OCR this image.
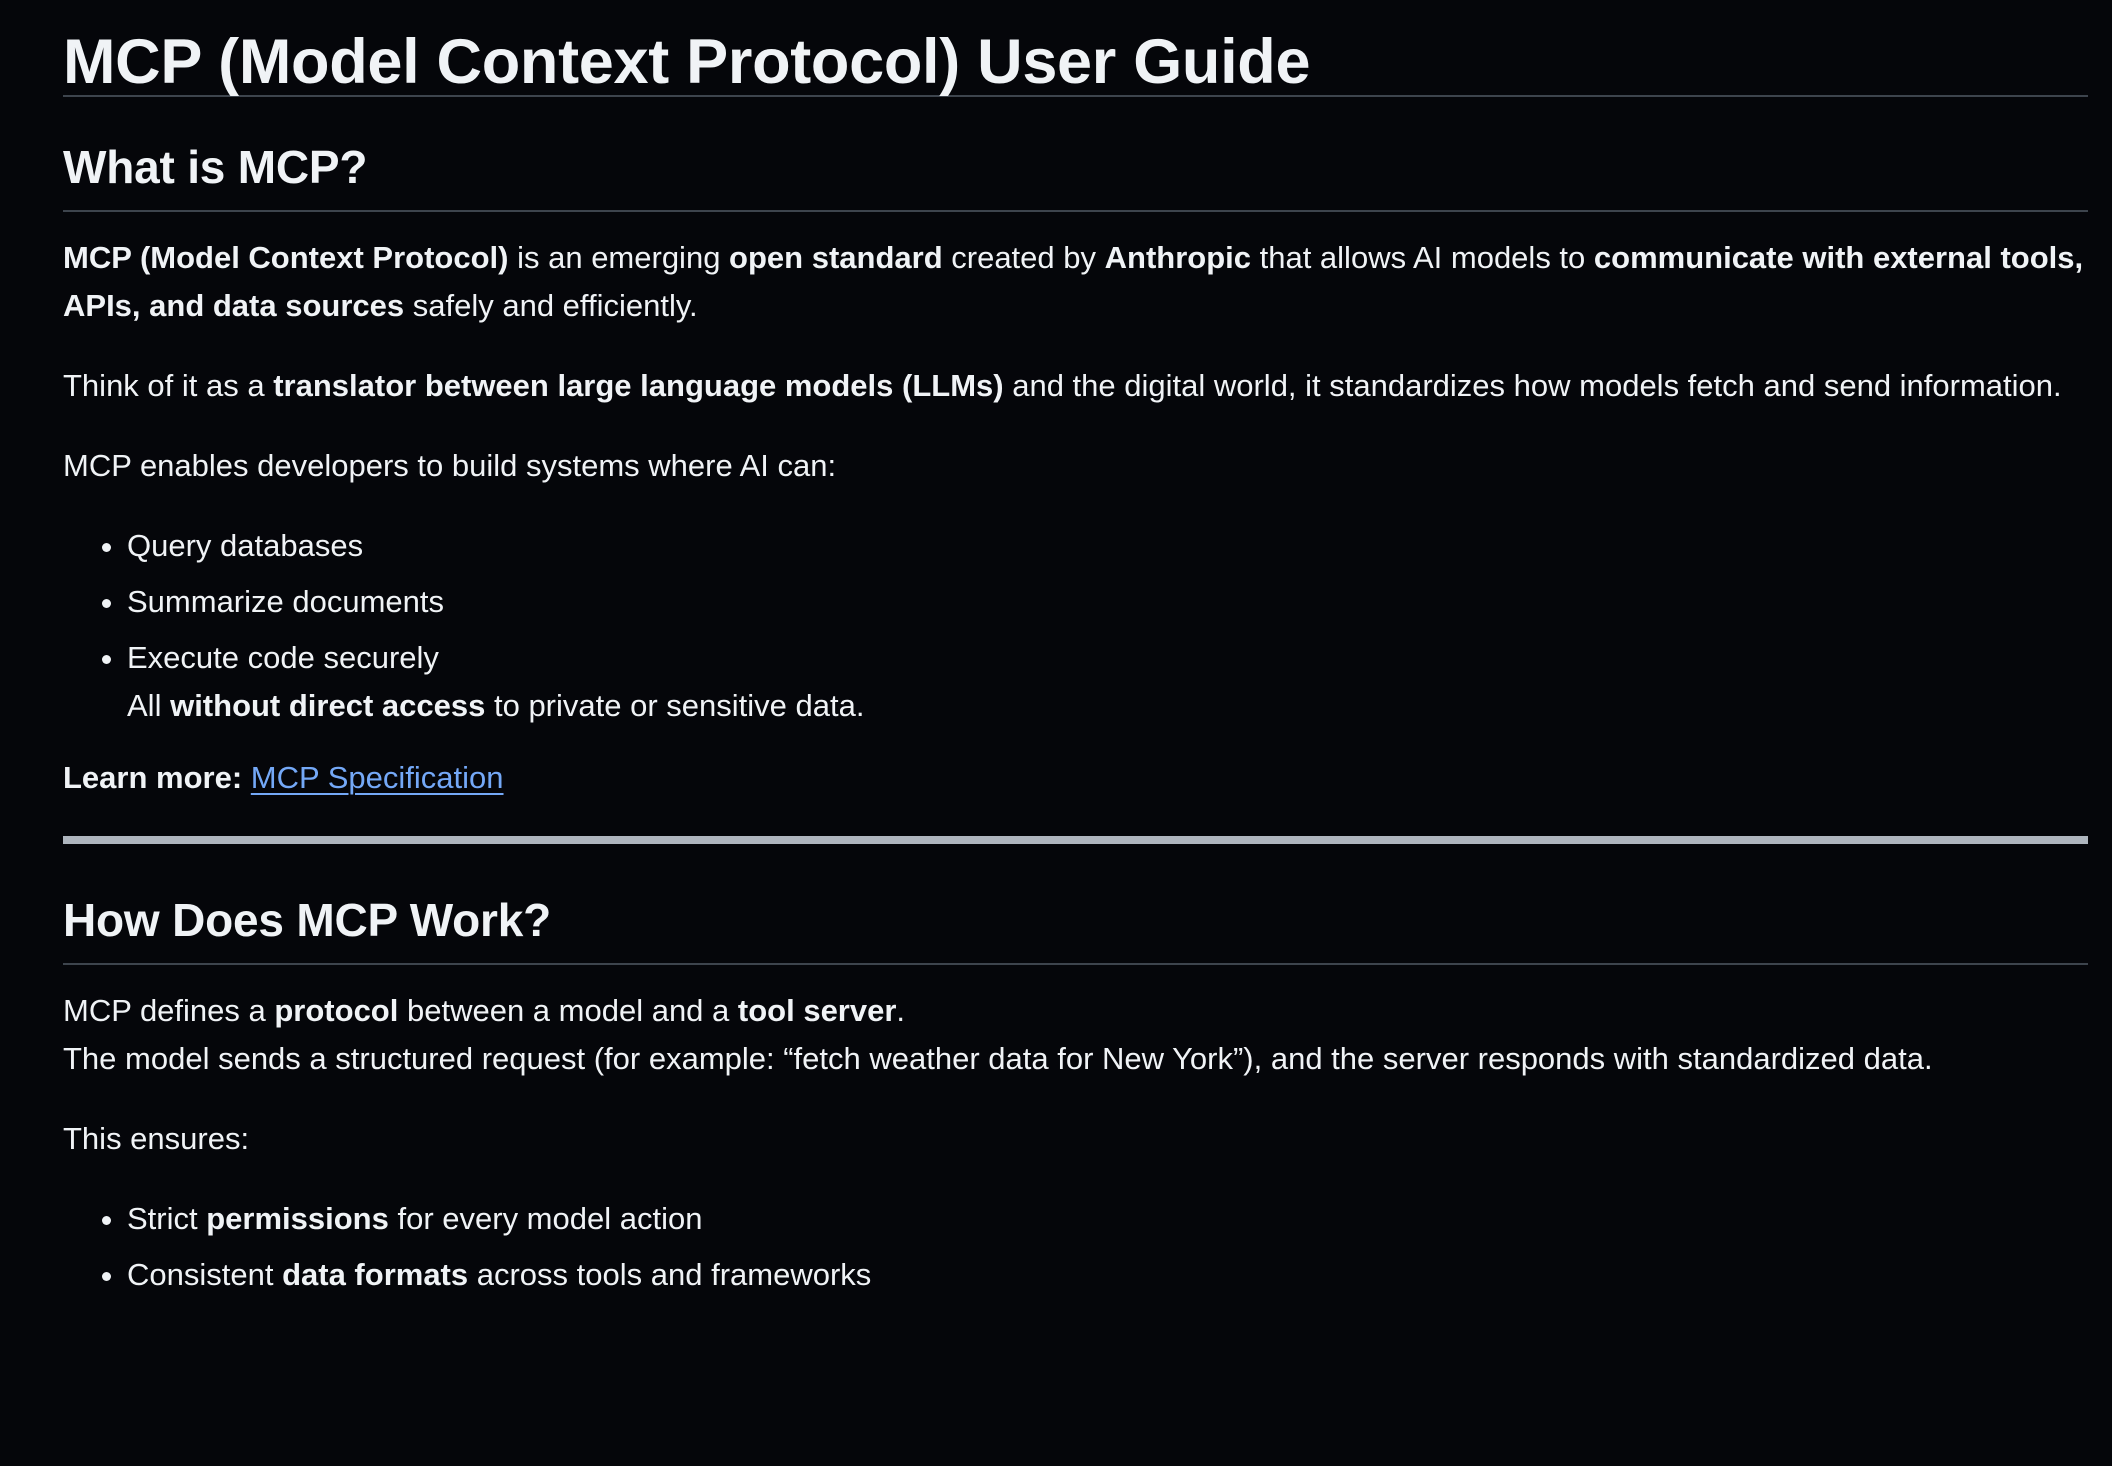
MCP (Model Context Protocol) User Guide
What is MCP?

MCP (Model Context Protocol) is an emerging open standard created by Anthropic that allows AI models to communicate with external tools, APIs, and data sources safely and efficiently.

Think of it as a translator between large language models (LLMs) and the digital world, it standardizes how models fetch and send information.

MCP enables developers to build systems where AI can:

• Query databases
• Summarize documents
• Execute code securely
All without direct access to private or sensitive data.

Learn more: MCP Specification

How Does MCP Work?

MCP defines a protocol between a model and a tool server.
The model sends a structured request (for example: “fetch weather data for New York”), and the server responds with standardized data.

This ensures:

• Strict permissions for every model action
• Consistent data formats across tools and frameworks
